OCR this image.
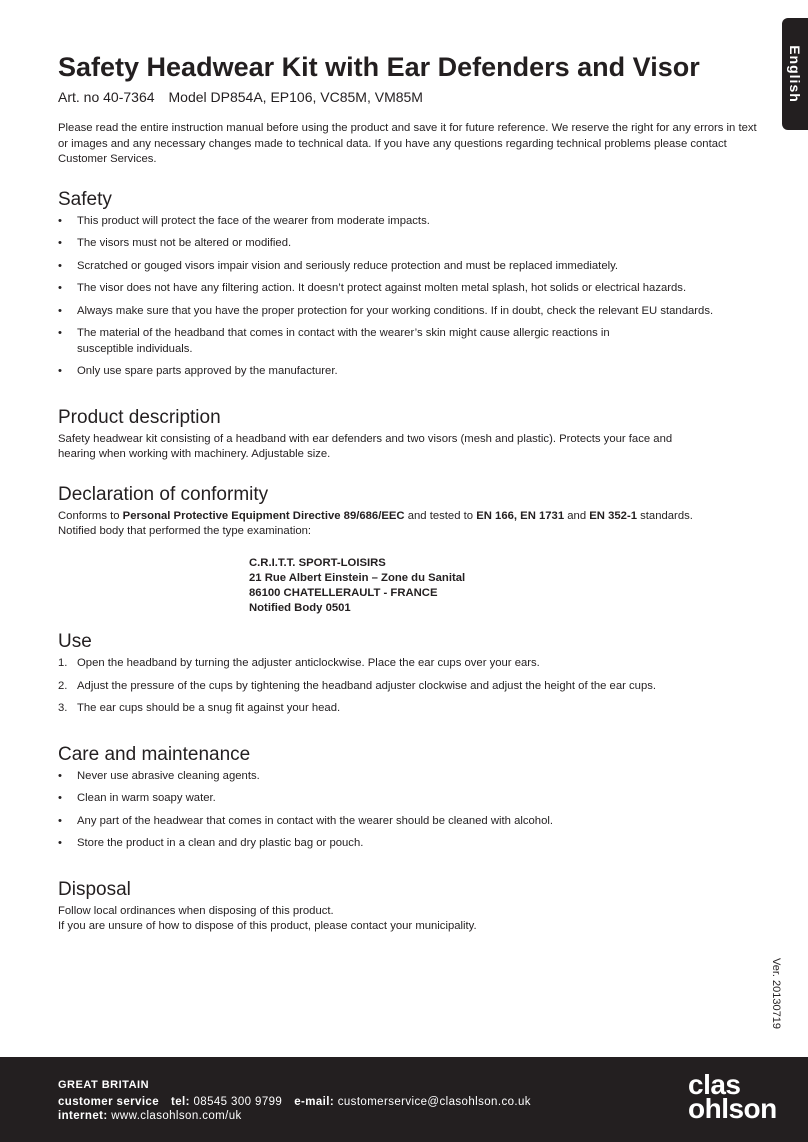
English
Ver. 20130719
Safety Headwear Kit with Ear Defenders and Visor
Art. no 40-7364 Model DP854A, EP106, VC85M, VM85M

Please read the entire instruction manual before using the product and save it for future reference. We reserve the right for any errors in text or images and any necessary changes made to technical data. If you have any questions regarding technical problems please contact Customer Services.

Safety
• This product will protect the face of the wearer from moderate impacts.
• The visors must not be altered or modified.
• Scratched or gouged visors impair vision and seriously reduce protection and must be replaced immediately.
• The visor does not have any filtering action. It doesn’t protect against molten metal splash, hot solids or electrical hazards.
• Always make sure that you have the proper protection for your working conditions. If in doubt, check the relevant EU standards.
• The material of the headband that comes in contact with the wearer’s skin might cause allergic reactions in susceptible individuals.
• Only use spare parts approved by the manufacturer.
Product description

Safety headwear kit consisting of a headband with ear defenders and two visors (mesh and plastic). Protects your face and hearing when working with machinery. Adjustable size.

Declaration of conformity

Conforms to Personal Protective Equipment Directive 89/686/EEC and tested to EN 166, EN 1731 and EN 352-1 standards.
Notified body that performed the type examination:

C.R.I.T.T. SPORT-LOISIRS
21 Rue Albert Einstein – Zone du Sanital
86100 CHATELLERAULT - FRANCE
Notified Body 0501
Use
1. Open the headband by turning the adjuster anticlockwise. Place the ear cups over your ears.
2. Adjust the pressure of the cups by tightening the headband adjuster clockwise and adjust the height of the ear cups.
3. The ear cups should be a snug fit against your head.
Care and maintenance
• Never use abrasive cleaning agents.
• Clean in warm soapy water.
• Any part of the headwear that comes in contact with the wearer should be cleaned with alcohol.
• Store the product in a clean and dry plastic bag or pouch.
Disposal

Follow local ordinances when disposing of this product.
If you are unsure of how to dispose of this product, please contact your municipality.

GREAT BRITAIN
customer service tel: 08545 300 9799 e-mail: customerservice@clasohlson.co.uk
internet: www.clasohlson.com/uk
clas
ohlson
